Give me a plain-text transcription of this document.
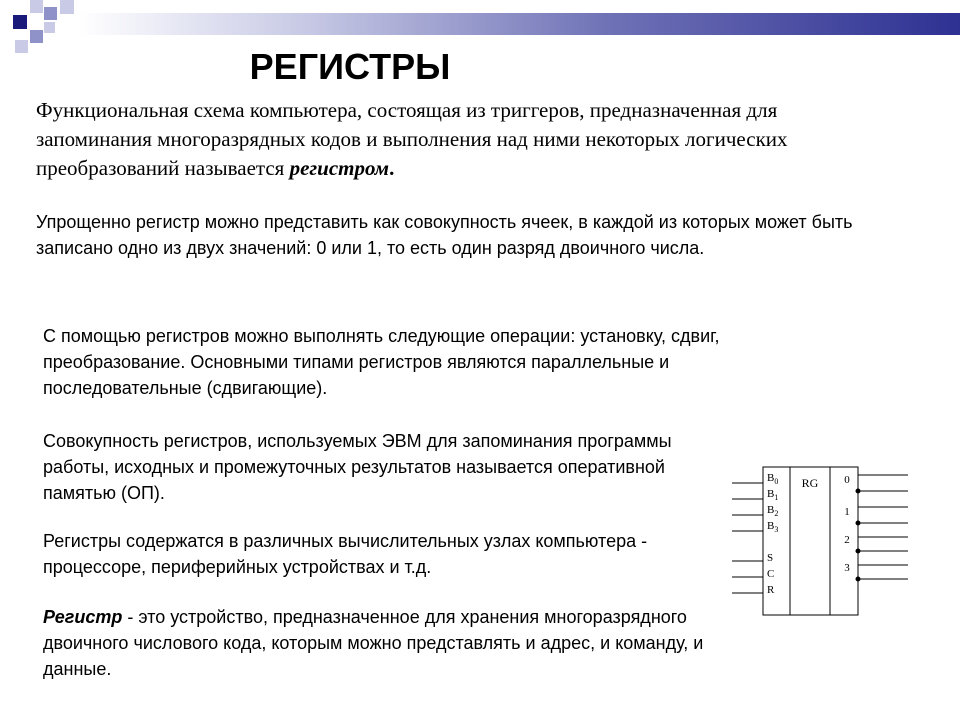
РЕГИСТРЫ
Функциональная схема компьютера, состоящая из триггеров, предназначенная для запоминания многоразрядных кодов и выполнения над ними некоторых логических преобразований называется регистром.
Упрощенно регистр можно представить как совокупность ячеек, в каждой из которых может быть записано одно из двух значений: 0 или 1, то есть один разряд двоичного числа.
С помощью регистров можно выполнять следующие операции: установку, сдвиг, преобразование. Основными типами регистров являются параллельные и последовательные (сдвигающие).
Совокупность регистров, используемых ЭВМ для запоминания программы работы, исходных и промежуточных результатов называется оперативной памятью (ОП).
Регистры содержатся в различных вычислительных узлах компьютера - процессоре, периферийных устройствах и т.д.
Регистр - это устройство, предназначенное для хранения многоразрядного двоичного числового кода, которым можно представлять и адрес, и команду, и данные.
RG
$B_0$
$B_1$
$B_2$
$B_3$
S
C
R
0
1
2
3
